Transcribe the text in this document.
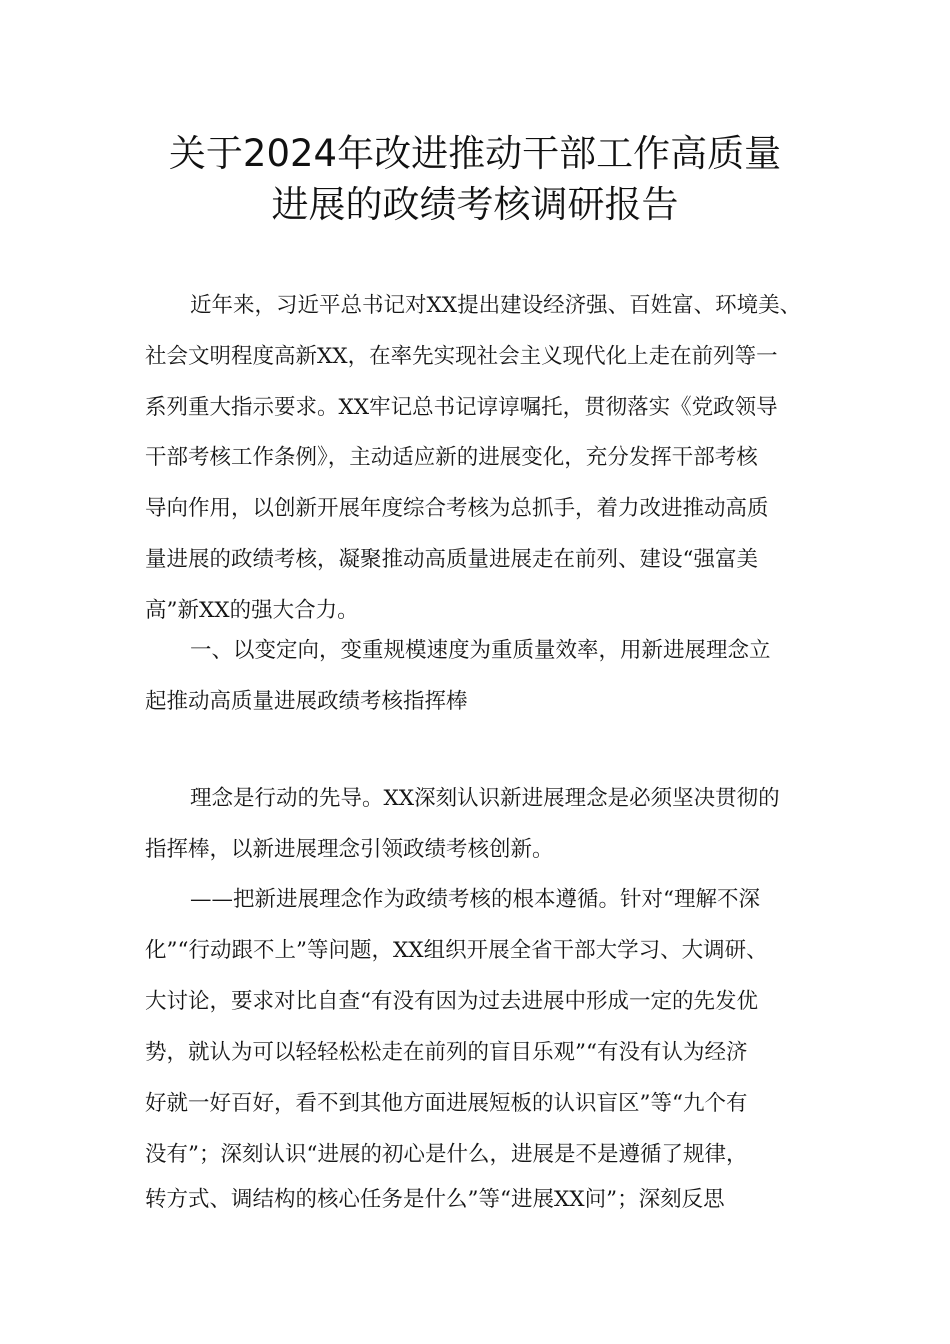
关于2024年改进推动干部工作高质量
进展的政绩考核调研报告
近年来，习近平总书记对XX提出建设经济强、百姓富、环境美、
社会文明程度高新XX，在率先实现社会主义现代化上走在前列等一
系列重大指示要求。XX牢记总书记谆谆嘱托，贯彻落实《党政领导
干部考核工作条例》，主动适应新的进展变化，充分发挥干部考核
导向作用，以创新开展年度综合考核为总抓手，着力改进推动高质
量进展的政绩考核，凝聚推动高质量进展走在前列、建设“强富美
高”新XX的强大合力。
一、以变定向，变重规模速度为重质量效率，用新进展理念立
起推动高质量进展政绩考核指挥棒
理念是行动的先导。XX深刻认识新进展理念是必须坚决贯彻的
指挥棒，以新进展理念引领政绩考核创新。
——把新进展理念作为政绩考核的根本遵循。针对“理解不深
化”“行动跟不上”等问题，XX组织开展全省干部大学习、大调研、
大讨论，要求对比自查“有没有因为过去进展中形成一定的先发优
势，就认为可以轻轻松松走在前列的盲目乐观”“有没有认为经济
好就一好百好，看不到其他方面进展短板的认识盲区”等“九个有
没有”；深刻认识“进展的初心是什么，进展是不是遵循了规律，
转方式、调结构的核心任务是什么”等“进展XX问”；深刻反思
